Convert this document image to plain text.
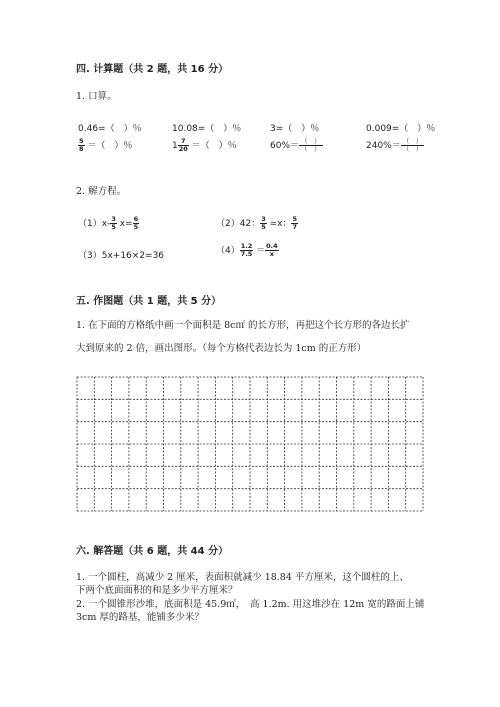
四. 计算题（共 2 题，共 16 分）
1. 口算。
0.46=（　）％	10.08=（　）％	3=（　）％	0.009=（　）％
$\frac{5}{8}$ ＝（　）％	$1 \frac{7}{20}$ ＝（　）％	$60\%= \frac{( )}{( )}$	$240\%= \frac{( )}{( )}$
2. 解方程。
$(1)x- \frac{3}{5} x= \frac{6}{5}$	（2）42： $\frac{3}{5} =x$： $\frac{5}{7}$
（3）5x+16×2=36	$(4) \frac{1.2}{7.5} = \frac{0.4}{x}$
五. 作图题（共 1 题，共 5 分）
1. 在下面的方格纸中画一个面积是 8c㎡ 的长方形，再把这个长方形的各边长扩
大到原来的 2 倍，画出图形。（每个方格代表边长为 1cm 的正方形）
六. 解答题（共 6 题，共 44 分）
1. 一个圆柱，高减少 2 厘米，表面积就减少 18.84 平方厘米，这个圆柱的上、
下两个底面面积的和是多少平方厘米？
2. 一个圆锥形沙堆，底面积是 45.9㎡，　高 1.2m. 用这堆沙在 12m 宽的路面上铺
3cm 厚的路基，能铺多少米？
